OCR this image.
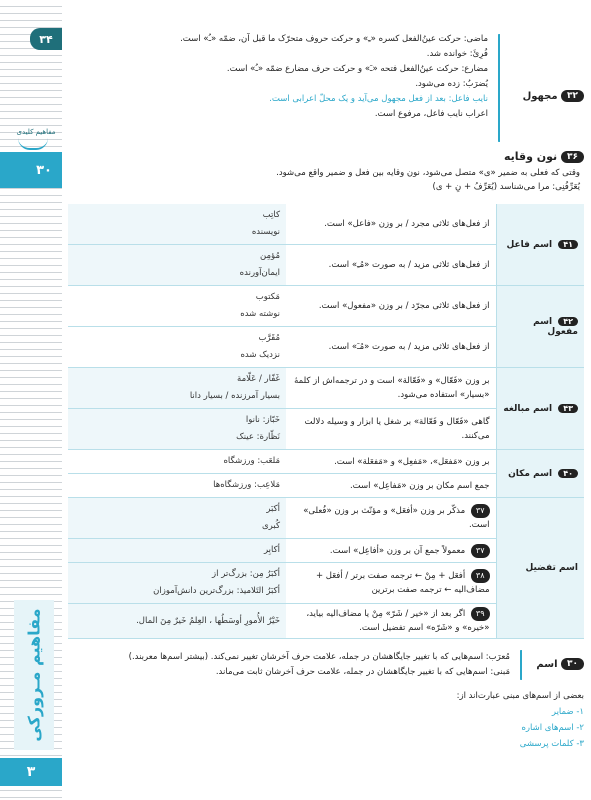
۳۴
مفاهیم کلیدی
۳۰
مفاهیم مـرورکی
۳
۳۲ مجهول
ماضی: حرکت عینُ‌الفعل کسره «ـِ» و حرکت حروف متحرّک ما قبل آن، ضمّه «ـُ» است.
فُرِئَ: خوانده شد.
مضارع: حرکت عینُ‌الفعل فتحه «ـَ» و حرکت حرف مضارع ضمّه «ـُ» است.
یُضرَبُ: زده می‌شود.
نایب فاعل: بعد از فعل مجهول می‌آید و یک محلّ اعرابی است.
اعراب نایب فاعل، مرفوع است.
۳۶ نون وقایه
وقتی که فعلی به ضمیر «ی» متصل می‌شود، نون وقایه بین فعل و ضمیر واقع می‌شود.
یُعَرِّفُنِی: مرا می‌شناسد (یُعَرِّفُ + نِ + ی)
۴۱ اسم فاعل	از فعل‌های ثلاثی مجرد / بر وزن «فاعل» است.	کاتِب
نویسنده

	از فعل‌های ثلاثی مزید / به صورت «مُـِ» است.	مُؤمِن
ایمان‌آورنده

۴۲ اسم مفعول	از فعل‌های ثلاثی مجرّد / بر وزن «مفعول» است.	مَکتوب
نوشته شده

	از فعل‌های ثلاثی مزید / به صورت «مُـَ» است.	مُقَرَّب
نزدیک شده

۴۳ اسم مبالغه	بر وزن «فَعّال» و «فَعّالة» است و در ترجمه‌اش از کلمهٔ «بسیار» استفاده می‌شود.	غَفّار / عَلّامة
بسیار آمرزنده / بسیار دانا

	گاهی «فَعّال و فَعّالة» بر شغل یا ابزار و وسیله دلالت می‌کنند.	خَبّاز: نانوا
نَظّارة: عینک

۴۰ اسم مکان	بر وزن «مَفعَل»، «مَفعِل» و «مَفعَلة» است.	مَلعَب: ورزشگاه

	جمع اسم مکان بر وزن «مَفاعِل» است.	مَلاعِب: ورزشگاه‌ها

اسم تفضیل	۳۷ مذکّر بر وزن «أفعَل» و مؤنّث بر وزن «فُعلی» است.	أکبَر
کُبری

	۳۷ معمولاً جمع آن بر وزن «أفاعِل» است.	أکابِر

	۳۸ أفعَل + مِنْ ← ترجمه صفت برتر / أفعَل + مضاف‌الیه ← ترجمه صفت برترین	أکبَرُ مِن: بزرگ‌تر از
أکبَرُ التَلامیذ: بزرگ‌ترین دانش‌آموزان

	۳۹ اگر بعد از «خیر / شَرّ» مِنْ یا مضاف‌الیه بیاید، «خیره» و «شَرّه» اسم تفضیل است.	خَیْرٌ الأُمورِ أوسَطُها ، العِلمُ خَیرٌ مِنَ المال.
۳۰ اسم
مُعرَب: اسم‌هایی که با تغییر جایگاهشان در جمله، علامت حرف آخرشان تغییر نمی‌کند. (بیشتر اسم‌ها معربند.)
مَبنی: اسم‌هایی که با تغییر جایگاهشان در جمله، علامت حرف آخرشان ثابت می‌ماند.
بعضی از اسم‌های مبنی عبارت‌اند از:
۱- ضمایر
۲- اسم‌های اشاره
۳- کلمات پرسشی
